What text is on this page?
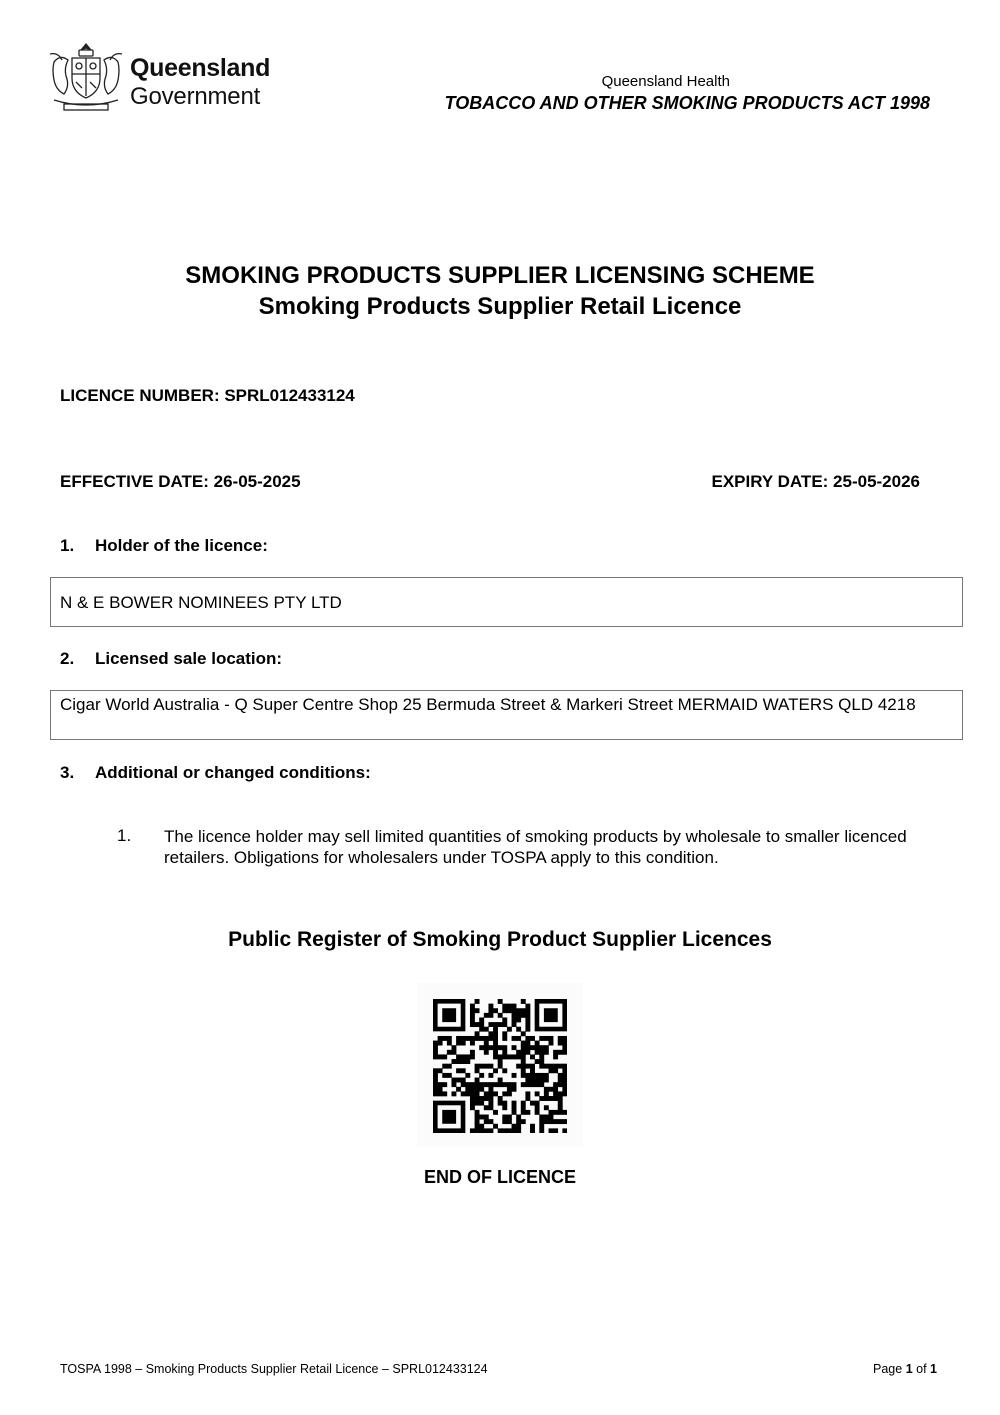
Queensland
Government
Queensland Health
TOBACCO AND OTHER SMOKING PRODUCTS ACT 1998
SMOKING PRODUCTS SUPPLIER LICENSING SCHEME
Smoking Products Supplier Retail Licence
LICENCE NUMBER: SPRL012433124
EFFECTIVE DATE: 26-05-2025	EXPIRY DATE: 25-05-2026
1. Holder of the licence:
N & E BOWER NOMINEES PTY LTD
2. Licensed sale location:
Cigar World Australia - Q Super Centre Shop 25 Bermuda Street & Markeri Street MERMAID WATERS QLD 4218
3. Additional or changed conditions:
1. The licence holder may sell limited quantities of smoking products by wholesale to smaller licenced retailers. Obligations for wholesalers under TOSPA apply to this condition.
Public Register of Smoking Product Supplier Licences
END OF LICENCE
TOSPA 1998 – Smoking Products Supplier Retail Licence – SPRL012433124	Page 1 of 1
